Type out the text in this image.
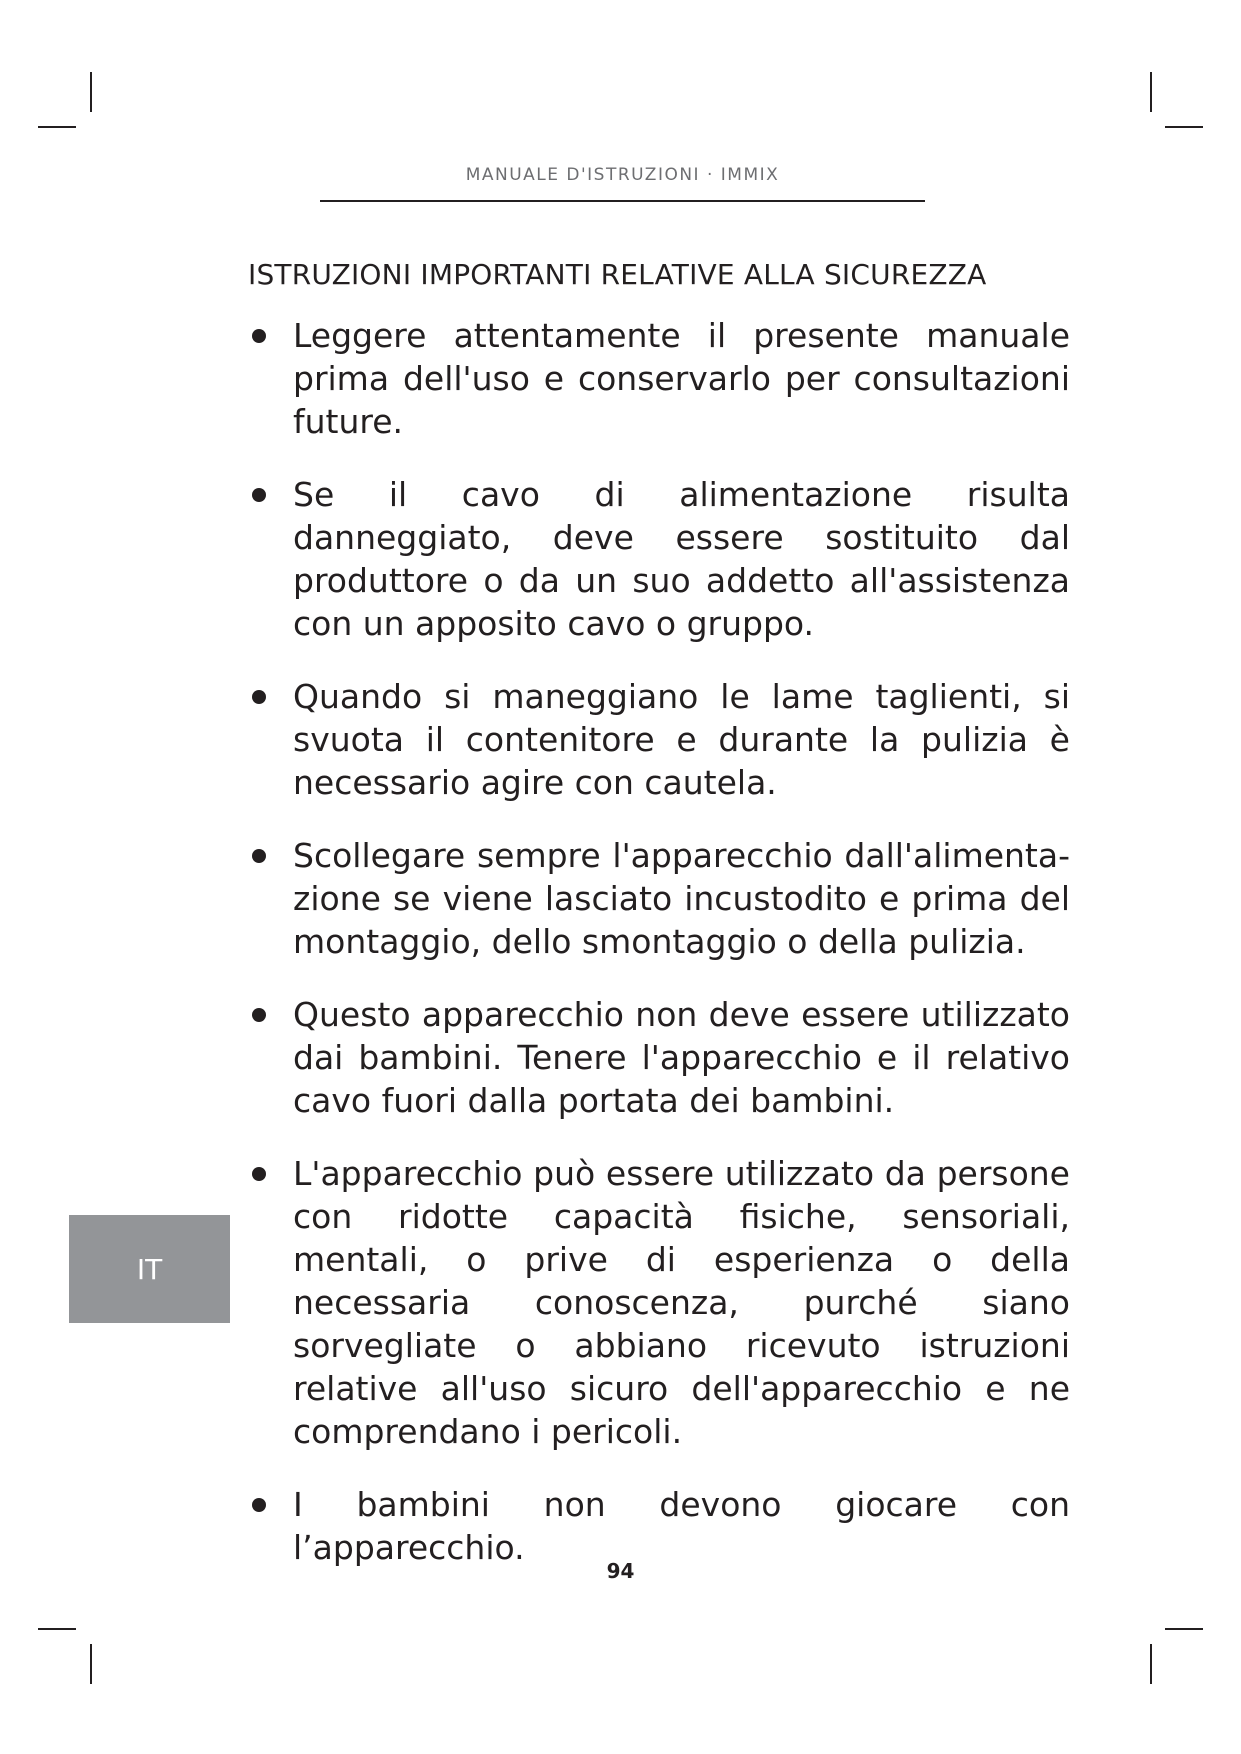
MANUALE D'ISTRUZIONI · IMMIX
ISTRUZIONI IMPORTANTI RELATIVE ALLA SICUREZZA
Leggere attentamente il presente manuale prima dell'uso e conservarlo per consultazioni future.
Se il cavo di alimentazione risulta danneggiato, deve essere sostituito dal produttore o da un suo addetto all'assistenza con un apposito cavo o gruppo.
Quando si maneggiano le lame taglienti, si svuota il contenitore e durante la pulizia è necessario agire con cautela.
Scollegare sempre l'apparecchio dall'alimenta-zione se viene lasciato incustodito e prima del montaggio, dello smontaggio o della pulizia.
Questo apparecchio non deve essere utilizzato dai bambini. Tenere l'apparecchio e il relativo cavo fuori dalla portata dei bambini.
L'apparecchio può essere utilizzato da persone con ridotte capacità fisiche, sensoriali, mentali, o prive di esperienza o della necessaria conoscenza, purché siano sorvegliate o abbiano ricevuto istruzioni relative all'uso sicuro dell'apparecchio e ne comprendano i pericoli.
I bambini non devono giocare con l’apparecchio.
IT
94
